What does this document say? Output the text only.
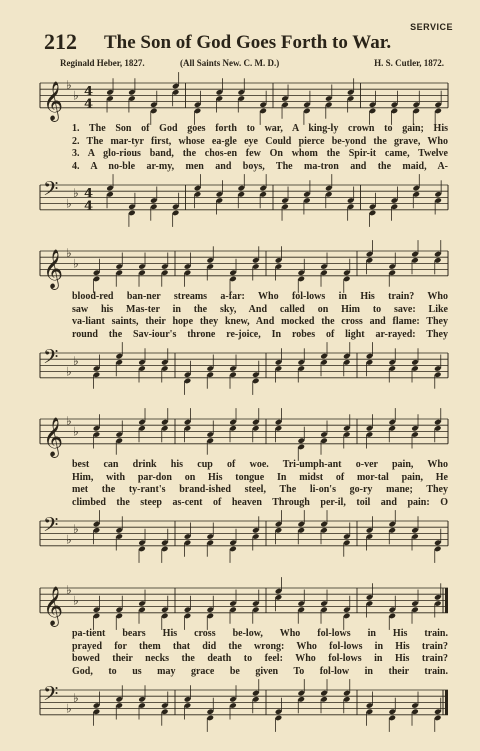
SERVICE
212 The Son of God Goes Forth to War.
Reginald Heber, 1827.	(All Saints New. C. M. D.)	H. S. Cutler, 1872.
𝄞 ♭
♭ 4
4
1. The Son of God goes forth to war, A king-ly crown to gain; His
2. The mar-tyr first, whose ea-gle eye Could pierce be-yond the grave, Who
3. A glo-rious band, the chos-en few On whom the Spir-it came, Twelve
4. A no-ble ar-my, men and boys, The ma-tron and the maid, A-
𝄢 ♭
♭ 4
4
𝄞 ♭
♭
blood-red ban-ner streams a-far: Who fol-lows in His train? Who
saw his Mas-ter in the sky, And called on Him to save: Like
va-liant saints, their hope they knew, And mocked the cross and flame: They
round the Sav-iour's throne re-joice, In robes of light ar-rayed: They
𝄢 ♭
♭
𝄞 ♭
♭
best can drink his cup of woe. Tri-umph-ant o-ver pain, Who
Him, with par-don on His tongue In midst of mor-tal pain, He
met the ty-rant's brand-ished steel, The li-on's go-ry mane; They
climbed the steep as-cent of heaven Through per-il, toil and pain: O
𝄢 ♭
♭
𝄞 ♭
♭
pa-tient bears His cross be-low, Who fol-lows in His train.
prayed for them that did the wrong: Who fol-lows in His train?
bowed their necks the death to feel: Who fol-lows in His train?
God, to us may grace be given To fol-low in their train.
𝄢 ♭
♭
